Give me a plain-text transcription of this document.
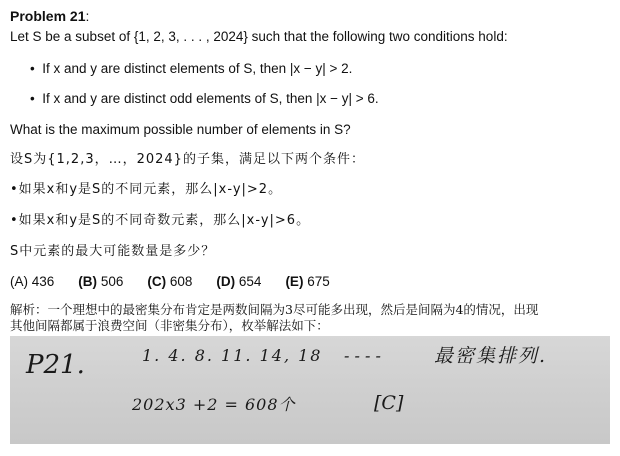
Problem 21:
Let S be a subset of {1, 2, 3, . . . , 2024} such that the following two conditions hold:
•  If x and y are distinct elements of S, then |x − y| > 2.
•  If x and y are distinct odd elements of S, then |x − y| > 6.
What is the maximum possible number of elements in S?
设S为{1,2,3，…，2024}的子集，满足以下两个条件：
•如果x和y是S的不同元素，那么|x-y|>2。
•如果x和y是S的不同奇数元素，那么|x-y|>6。
S中元素的最大可能数量是多少？
(A) 436 (B) 506 (C) 608 (D) 654 (E) 675
解析：一个理想中的最密集分布肯定是两数间隔为3尽可能多出现，然后是间隔为4的情况，出现
其他间隔都属于浪费空间（非密集分布），枚举解法如下：
P21.	1. 4. 8. 11. 14, 18 - - - -	最密集排列.
202x3 +2 = 608个	[C]
